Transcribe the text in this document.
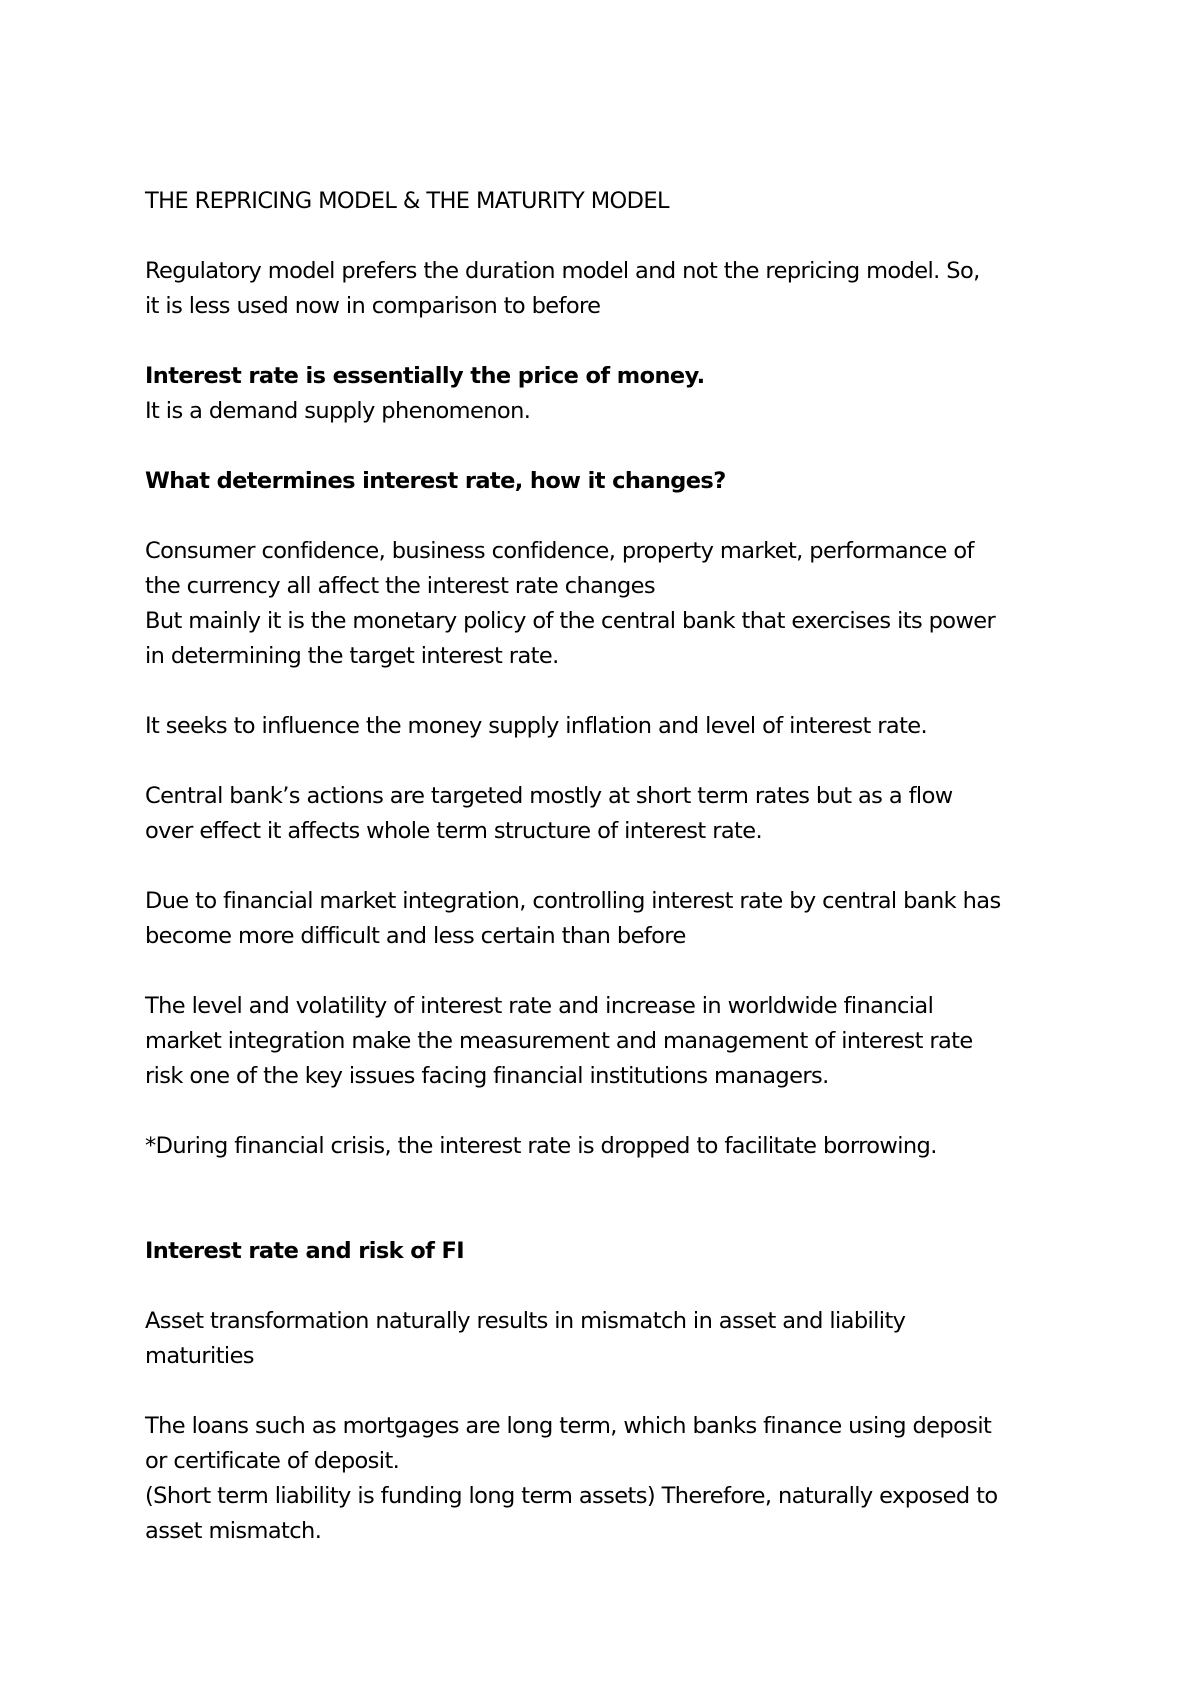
THE REPRICING MODEL & THE MATURITY MODEL

Regulatory model prefers the duration model and not the repricing model. So,

it is less used now in comparison to before

Interest rate is essentially the price of money.

It is a demand supply phenomenon.

What determines interest rate, how it changes?

Consumer confidence, business confidence, property market, performance of

the currency all affect the interest rate changes

But mainly it is the monetary policy of the central bank that exercises its power

in determining the target interest rate.

It seeks to influence the money supply inflation and level of interest rate.

Central bank’s actions are targeted mostly at short term rates but as a flow

over effect it affects whole term structure of interest rate.

Due to financial market integration, controlling interest rate by central bank has

become more difficult and less certain than before

The level and volatility of interest rate and increase in worldwide financial

market integration make the measurement and management of interest rate

risk one of the key issues facing financial institutions managers.

*During financial crisis, the interest rate is dropped to facilitate borrowing.

Interest rate and risk of FI

Asset transformation naturally results in mismatch in asset and liability

maturities

The loans such as mortgages are long term, which banks finance using deposit

or certificate of deposit.

(Short term liability is funding long term assets) Therefore, naturally exposed to

asset mismatch.
